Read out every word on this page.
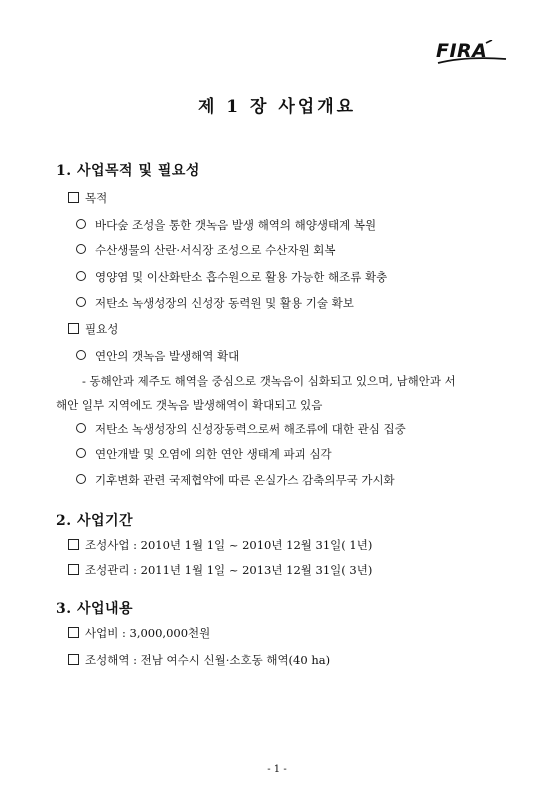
FIRA
제 1 장 사업개요
1. 사업목적 및 필요성
목적
바다숲 조성을 통한 갯녹음 발생 해역의 해양생태계 복원
수산생물의 산란·서식장 조성으로 수산자원 회복
영양염 및 이산화탄소 흡수원으로 활용 가능한 해조류 확충
저탄소 녹생성장의 신성장 동력원 및 활용 기술 확보
필요성
연안의 갯녹음 발생해역 확대
- 동해안과 제주도 해역을 중심으로 갯녹음이 심화되고 있으며, 남해안과 서
해안 일부 지역에도 갯녹음 발생해역이 확대되고 있음
저탄소 녹생성장의 신성장동력으로써 해조류에 대한 관심 집중
연안개발 및 오염에 의한 연안 생태계 파괴 심각
기후변화 관련 국제협약에 따른 온실가스 감축의무국 가시화
2. 사업기간
조성사업 : 2010년 1월 1일 ~ 2010년 12월 31일( 1년)
조성관리 : 2011년 1월 1일 ~ 2013년 12월 31일( 3년)
3. 사업내용
사업비 : 3,000,000천원
조성해역 : 전남 여수시 신월·소호동 해역(40 ha)
- 1 -
